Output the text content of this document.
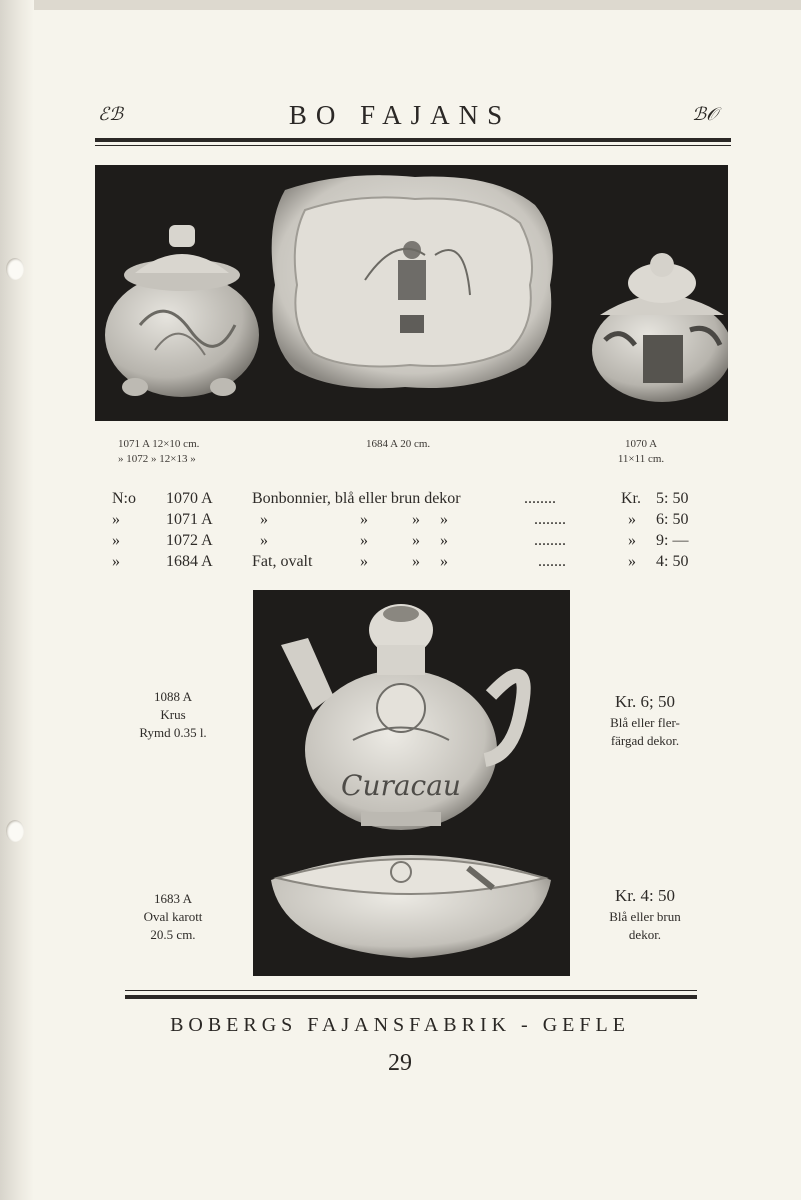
ℰℬ	BO FAJANS	ℬ𝒪
1071 A 12×10 cm.
» 1072 » 12×13 »
1684 A 20 cm.	1070 A
11×11 cm.
N:o 1070 A Bonbonnier, blå eller brun dekor	........	Kr. 5: 50
»	1071 A	»	»	» »	........	» 6: 50
»	1072 A	»	»	» »	........	» 9: —
»	1684 A Fat, ovalt	»	» »	.......	» 4: 50
Curacau
1088 A
Krus
Rymd 0.35 l.
1683 A
Oval karott
20.5 cm.
Kr. 6; 50
Blå eller fler-
färgad dekor.
Kr. 4: 50
Blå eller brun
dekor.
BOBERGS FAJANSFABRIK - GEFLE
29
